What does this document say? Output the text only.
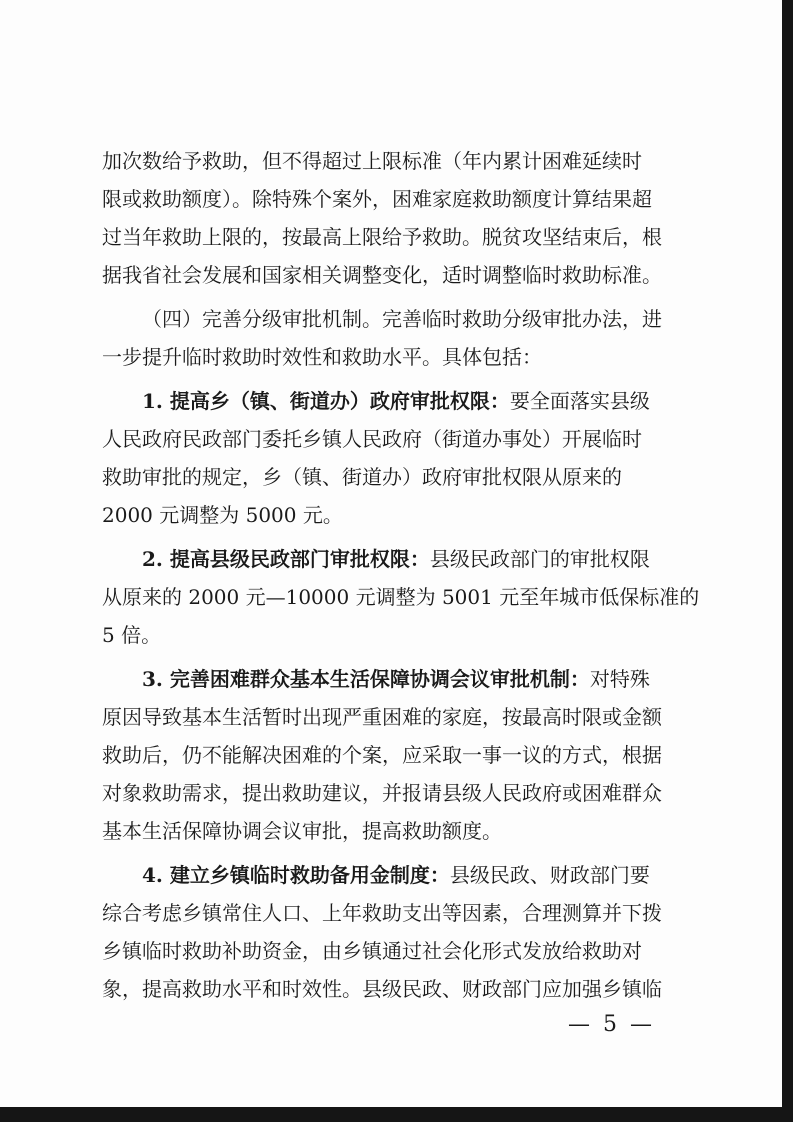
加次数给予救助，但不得超过上限标准（年内累计困难延续时
限或救助额度）。除特殊个案外，困难家庭救助额度计算结果超
过当年救助上限的，按最高上限给予救助。脱贫攻坚结束后，根
据我省社会发展和国家相关调整变化，适时调整临时救助标准。
（四）完善分级审批机制。完善临时救助分级审批办法，进
一步提升临时救助时效性和救助水平。具体包括：
1. 提高乡（镇、街道办）政府审批权限：要全面落实县级
人民政府民政部门委托乡镇人民政府（街道办事处）开展临时
救助审批的规定，乡（镇、街道办）政府审批权限从原来的
2000 元调整为 5000 元。
2. 提高县级民政部门审批权限：县级民政部门的审批权限
从原来的 2000 元—10000 元调整为 5001 元至年城市低保标准的
5 倍。
3. 完善困难群众基本生活保障协调会议审批机制：对特殊
原因导致基本生活暂时出现严重困难的家庭，按最高时限或金额
救助后，仍不能解决困难的个案，应采取一事一议的方式，根据
对象救助需求，提出救助建议，并报请县级人民政府或困难群众
基本生活保障协调会议审批，提高救助额度。
4. 建立乡镇临时救助备用金制度：县级民政、财政部门要
综合考虑乡镇常住人口、上年救助支出等因素，合理测算并下拨
乡镇临时救助补助资金，由乡镇通过社会化形式发放给救助对
象，提高救助水平和时效性。县级民政、财政部门应加强乡镇临
— 5 —
